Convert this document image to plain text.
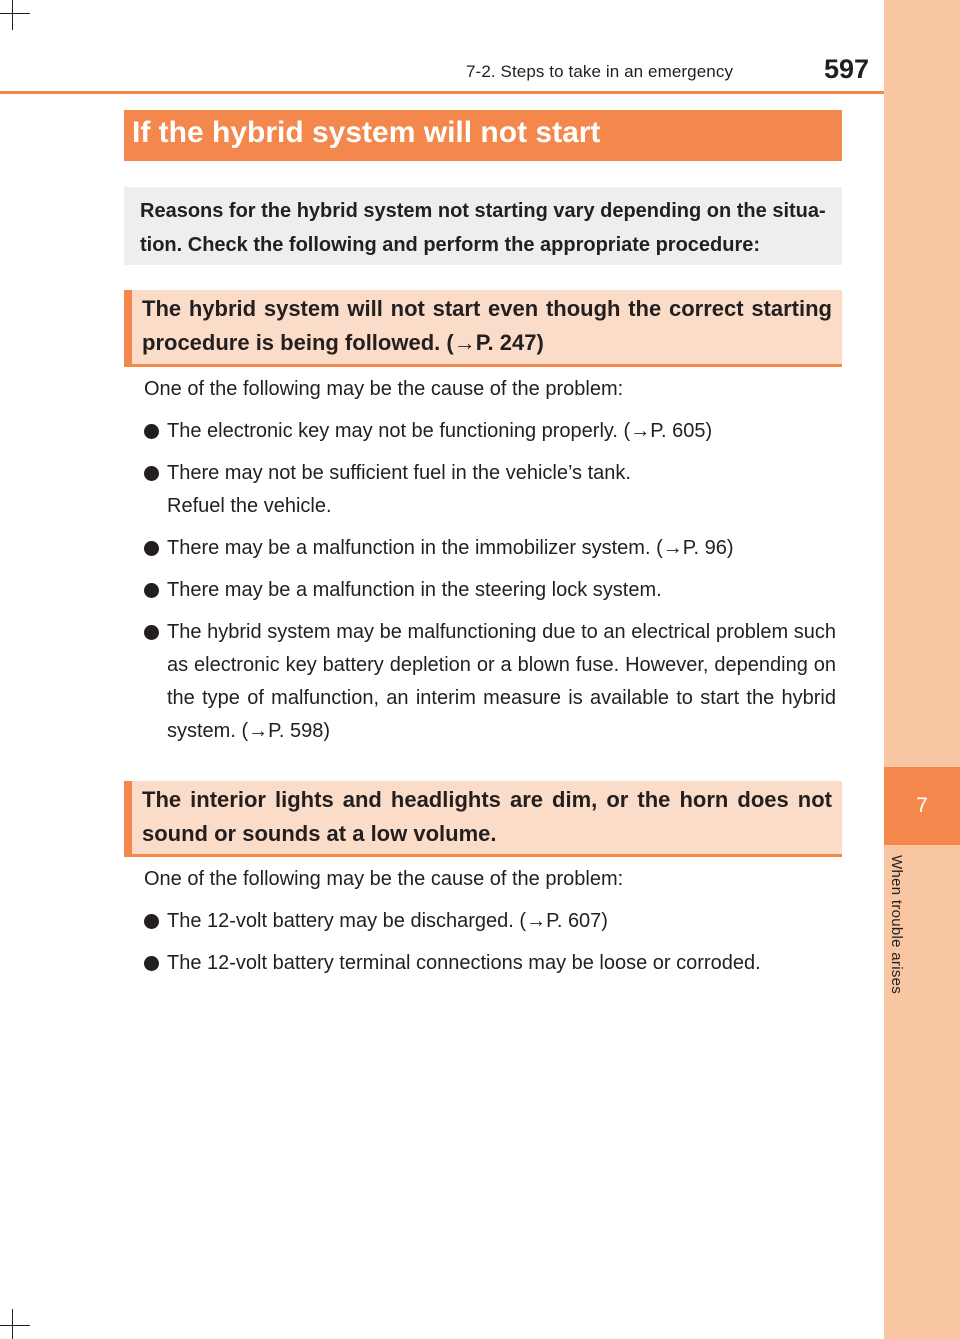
7
When trouble arises
7-2. Steps to take in an emergency	597
If the hybrid system will not start
Reasons for the hybrid system not starting vary depending on the situa-tion. Check the following and perform the appropriate procedure:
The hybrid system will not start even though the correct starting procedure is being followed. (→P. 247)
One of the following may be the cause of the problem:
The electronic key may not be functioning properly. (→P. 605)
There may not be sufficient fuel in the vehicle’s tank.
Refuel the vehicle.
There may be a malfunction in the immobilizer system. (→P. 96)
There may be a malfunction in the steering lock system.
The hybrid system may be malfunctioning due to an electrical problem such as electronic key battery depletion or a blown fuse. However, depending on the type of malfunction, an interim measure is available to start the hybrid system. (→P. 598)
The interior lights and headlights are dim, or the horn does not sound or sounds at a low volume.
One of the following may be the cause of the problem:
The 12-volt battery may be discharged. (→P. 607)
The 12-volt battery terminal connections may be loose or corroded.
